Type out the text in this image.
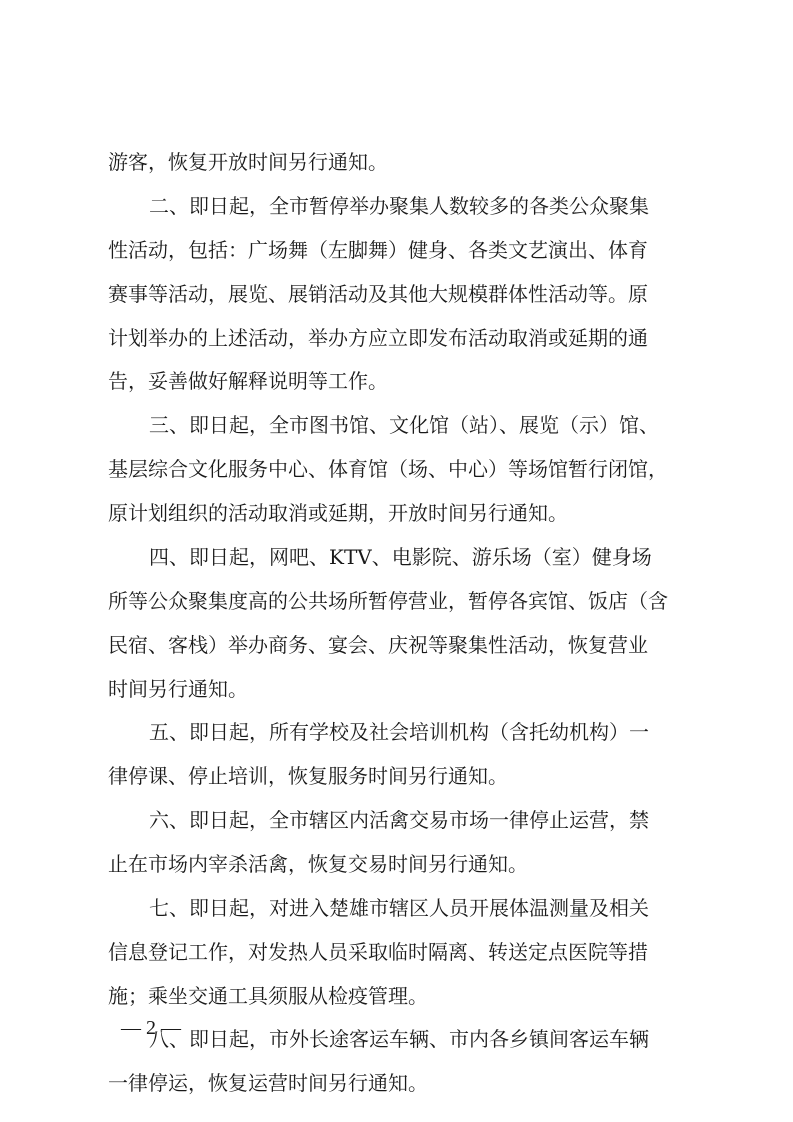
游客，恢复开放时间另行通知。
二、即日起，全市暂停举办聚集人数较多的各类公众聚集
性活动，包括：广场舞（左脚舞）健身、各类文艺演出、体育
赛事等活动，展览、展销活动及其他大规模群体性活动等。原
计划举办的上述活动，举办方应立即发布活动取消或延期的通
告，妥善做好解释说明等工作。
三、即日起，全市图书馆、文化馆（站）、展览（示）馆、
基层综合文化服务中心、体育馆（场、中心）等场馆暂行闭馆，
原计划组织的活动取消或延期，开放时间另行通知。
四、即日起，网吧、KTV、电影院、游乐场（室）健身场
所等公众聚集度高的公共场所暂停营业，暂停各宾馆、饭店（含
民宿、客栈）举办商务、宴会、庆祝等聚集性活动，恢复营业
时间另行通知。
五、即日起，所有学校及社会培训机构（含托幼机构）一
律停课、停止培训，恢复服务时间另行通知。
六、即日起，全市辖区内活禽交易市场一律停止运营，禁
止在市场内宰杀活禽，恢复交易时间另行通知。
七、即日起，对进入楚雄市辖区人员开展体温测量及相关
信息登记工作，对发热人员采取临时隔离、转送定点医院等措
施；乘坐交通工具须服从检疫管理。
八、即日起，市外长途客运车辆、市内各乡镇间客运车辆
一律停运，恢复运营时间另行通知。
— 2 —
